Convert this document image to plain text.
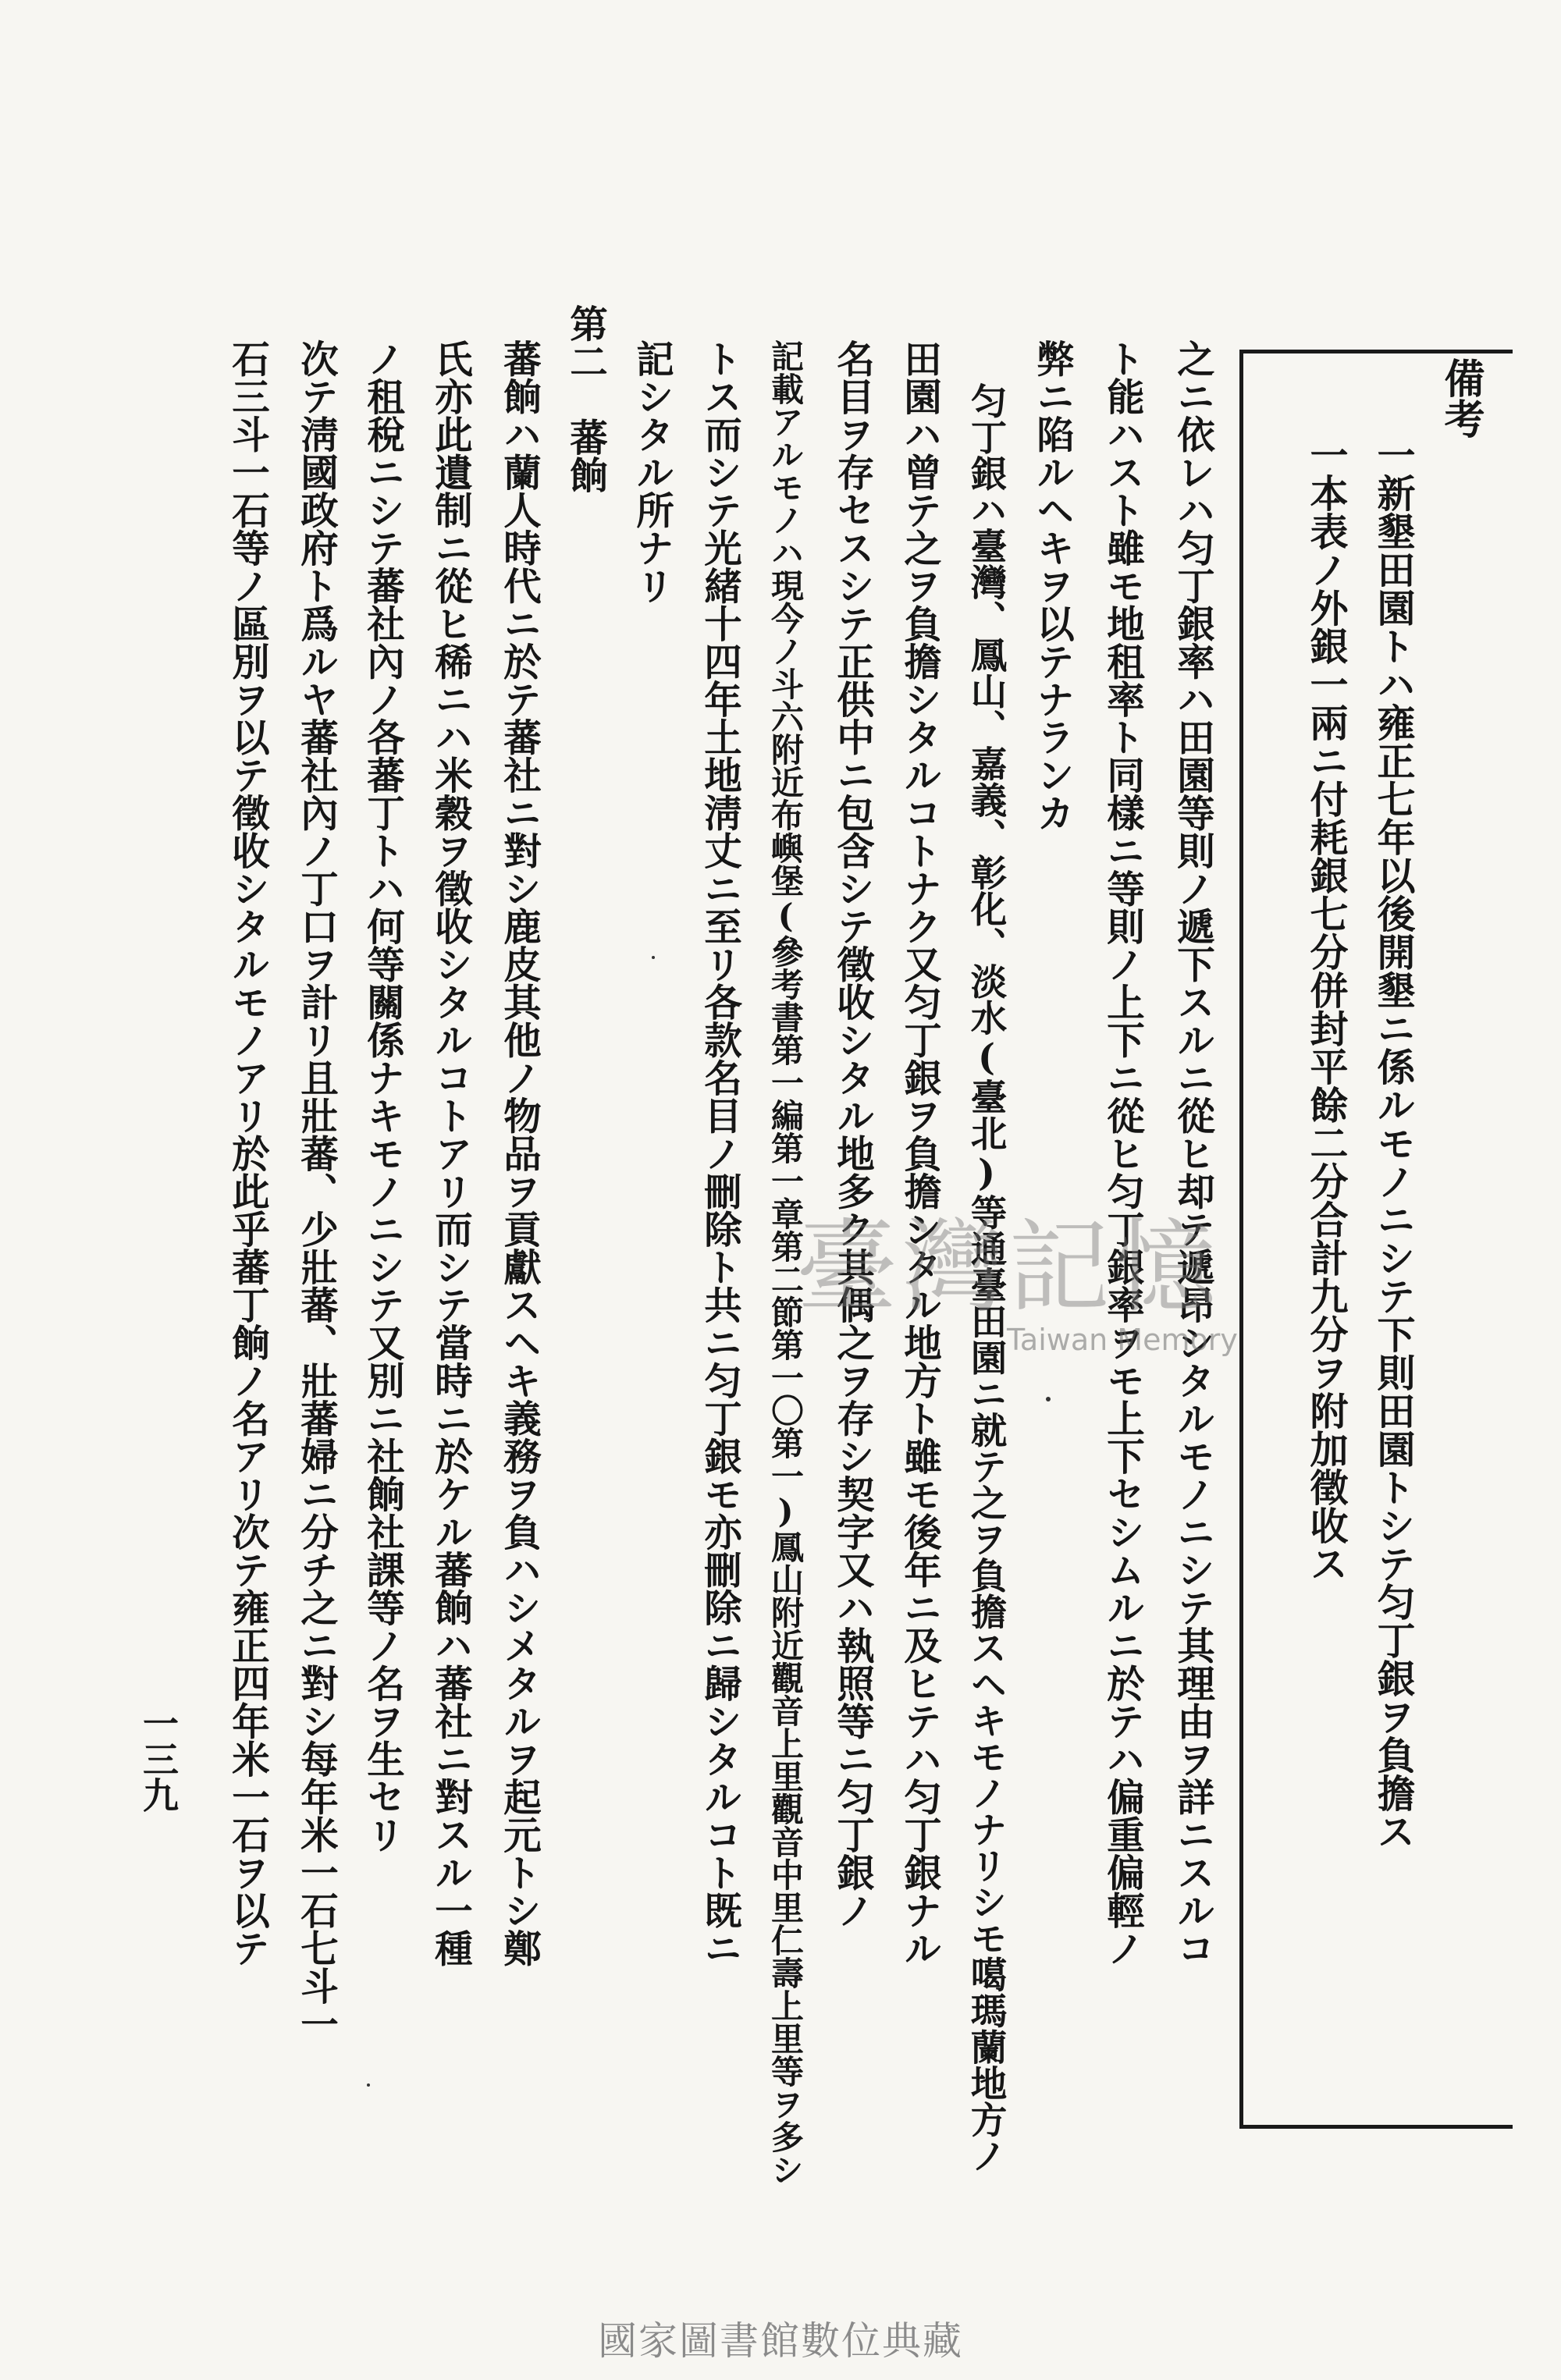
備考
一新墾田園トハ雍正七年以後開墾ニ係ルモノニシテ下則田園トシテ匀丁銀ヲ負擔ス
一本表ノ外銀一兩ニ付耗銀七分併封平餘二分合計九分ヲ附加徵收ス
之ニ依レハ匀丁銀率ハ田園等則ノ遞下スルニ從ヒ却テ遞昂シタルモノニシテ其理由ヲ詳ニスルコ
ト能ハスト雖モ地租率ト同樣ニ等則ノ上下ニ從ヒ匀丁銀率ヲモ上下セシムルニ於テハ偏重偏輕ノ
弊ニ陷ルヘキヲ以テナランカ
匀丁銀ハ臺灣、鳳山、嘉義、彰化、淡水(臺北)等通臺田園ニ就テ之ヲ負擔スヘキモノナリシモ噶瑪蘭地方ノ
田園ハ曾テ之ヲ負擔シタルコトナク又匀丁銀ヲ負擔シタル地方ト雖モ後年ニ及ヒテハ匀丁銀ナル
名目ヲ存セスシテ正供中ニ包含シテ徵收シタル地多ク其偶之ヲ存シ契字又ハ執照等ニ匀丁銀ノ
記載アルモノハ現今ノ斗六附近布嶼堡(參考書第一編第一章第二節第一〇第一)鳳山附近觀音上里觀音中里仁壽上里等ヲ多シ
トス而シテ光緒十四年土地淸丈ニ至リ各款名目ノ刪除ト共ニ匀丁銀モ亦刪除ニ歸シタルコト既ニ
記シタル所ナリ
第二　蕃餉
蕃餉ハ蘭人時代ニ於テ蕃社ニ對シ鹿皮其他ノ物品ヲ貢獻スヘキ義務ヲ負ハシメタルヲ起元トシ鄭
氏亦此遺制ニ從ヒ稀ニハ米穀ヲ徵收シタルコトアリ而シテ當時ニ於ケル蕃餉ハ蕃社ニ對スル一種
ノ租稅ニシテ蕃社內ノ各蕃丁トハ何等關係ナキモノニシテ又別ニ社餉社課等ノ名ヲ生セリ
次テ淸國政府ト爲ルヤ蕃社內ノ丁口ヲ計リ且壯蕃、少壯蕃、壯蕃婦ニ分チ之ニ對シ每年米一石七斗一
石三斗一石等ノ區別ヲ以テ徵收シタルモノアリ於此乎蕃丁餉ノ名アリ次テ雍正四年米一石ヲ以テ
一三九
臺灣記憶
Taiwan Memory
國家圖書館數位典藏
